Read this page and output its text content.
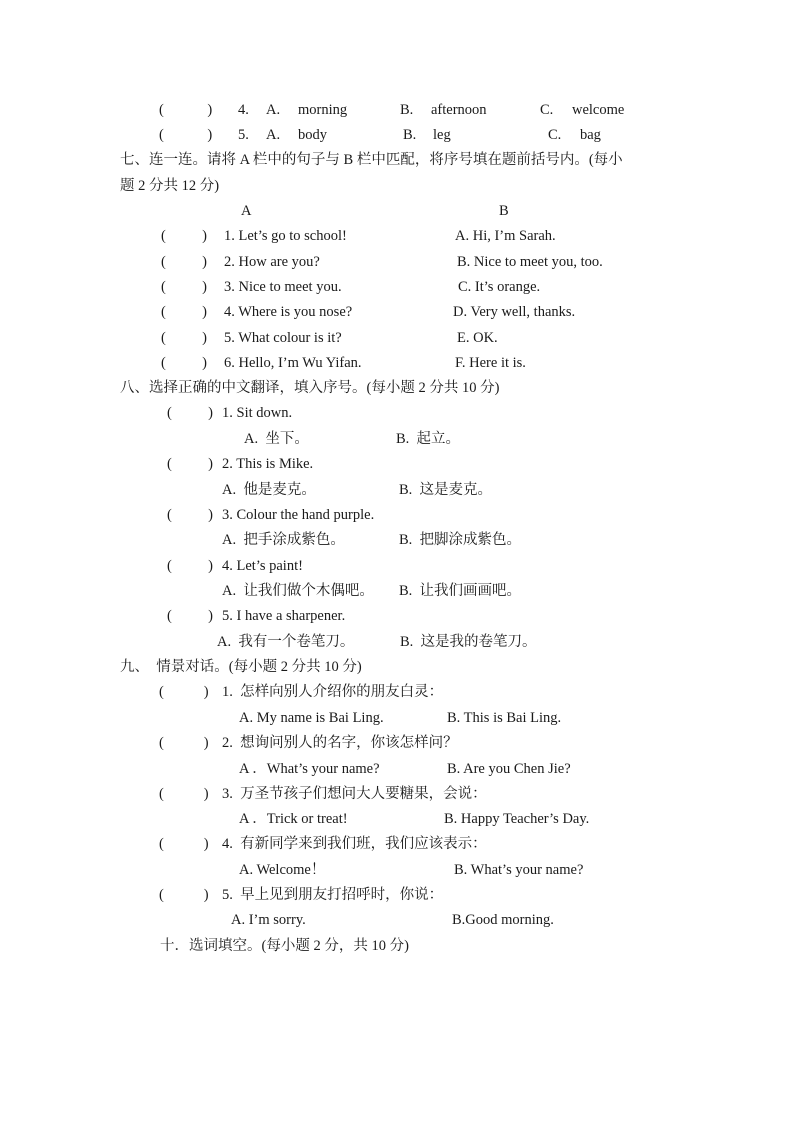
(            ) 4. A. morning	B. afternoon	C. welcome
(            ) 5. A. body	B. leg	C. bag
七、连一连。请将 A 栏中的句子与 B 栏中匹配，将序号填在题前括号内。(每小
题 2 分共 12 分)
A	B
(          ) 1. Let’s go to school!	A. Hi, I’m Sarah.
(          ) 2. How are you?	B. Nice to meet you, too.
(          ) 3. Nice to meet you.	C. It’s orange.
(          ) 4. Where is you nose?	D. Very well, thanks.
(          ) 5. What colour is it?	E. OK.
(          ) 6. Hello, I’m Wu Yifan.	F. Here it is.
八、选择正确的中文翻译，填入序号。(每小题 2 分共 10 分)
(          ) 1. Sit down.
A.  坐下。	B.  起立。
(          ) 2. This is Mike.
A.  他是麦克。	B.  这是麦克。
(          ) 3. Colour the hand purple.
A.  把手涂成紫色。	B.  把脚涂成紫色。
(          ) 4. Let’s paint!
A.  让我们做个木偶吧。 B.  让我们画画吧。
(          ) 5. I have a sharpener.
A.  我有一个卷笔刀。	B.  这是我的卷笔刀。
九、  情景对话。(每小题 2 分共 10 分)
(           ) 1.  怎样向别人介绍你的朋友白灵：
A. My name is Bai Ling.	B. This is Bai Ling.
(           ) 2.  想询问别人的名字，你该怎样问？
A ．What’s your name?	B. Are you Chen Jie?
(           ) 3.  万圣节孩子们想问大人要糖果，会说：
A ．Trick or treat!	B. Happy Teacher’s Day.
(           ) 4.  有新同学来到我们班，我们应该表示：
A. Welcome！	B. What’s your name?
(           ) 5.  早上见到朋友打招呼时，你说：
A. I’m sorry.	B.Good morning.
十．选词填空。(每小题 2 分，共 10 分)
